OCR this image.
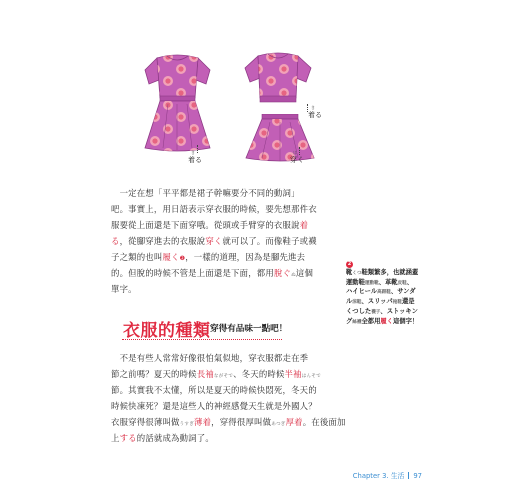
き
着る
き
着る
は
穿く
　一定在想「平平都是裙子幹嘛要分不同的動詞」
吧。事實上，用日語表示穿衣服的時候，要先想那件衣
服要從上面還是下面穿哦。從頭或手臂穿的衣服說着
る，從腳穿進去的衣服說穿く就可以了。而像鞋子或襪
子之類的也叫履く❷，一樣的道理，因為是腳先進去
的。但脫的時候不管是上面還是下面，都用脫ぐぬ這個
單字。
2
靴くつ鞋類繁多，也就涵蓋
運動鞋運動靴、革靴皮鞋、
ハイヒール高跟鞋、サンダ
ル涼鞋、スリッパ拖鞋還是
くつした襪子、ストッキン
グ絲襪全都用履く這個字！
衣服的種類 穿得有品味一點吧！
　不是有些人常常好像很怕氣似地，穿衣服都走在季
節之前嗎？夏天的時候長袖ながそで、冬天的時候半袖はんそで
節。其實我不太懂，所以是夏天的時候快悶死，冬天的
時候快凍死？還是這些人的神經感覺天生就是外國人？
衣服穿得很薄叫做うすぎ薄着，穿得很厚叫做あつぎ厚着。在後面加
上する的話就成為動詞了。
Chapter 3. 生活 97
